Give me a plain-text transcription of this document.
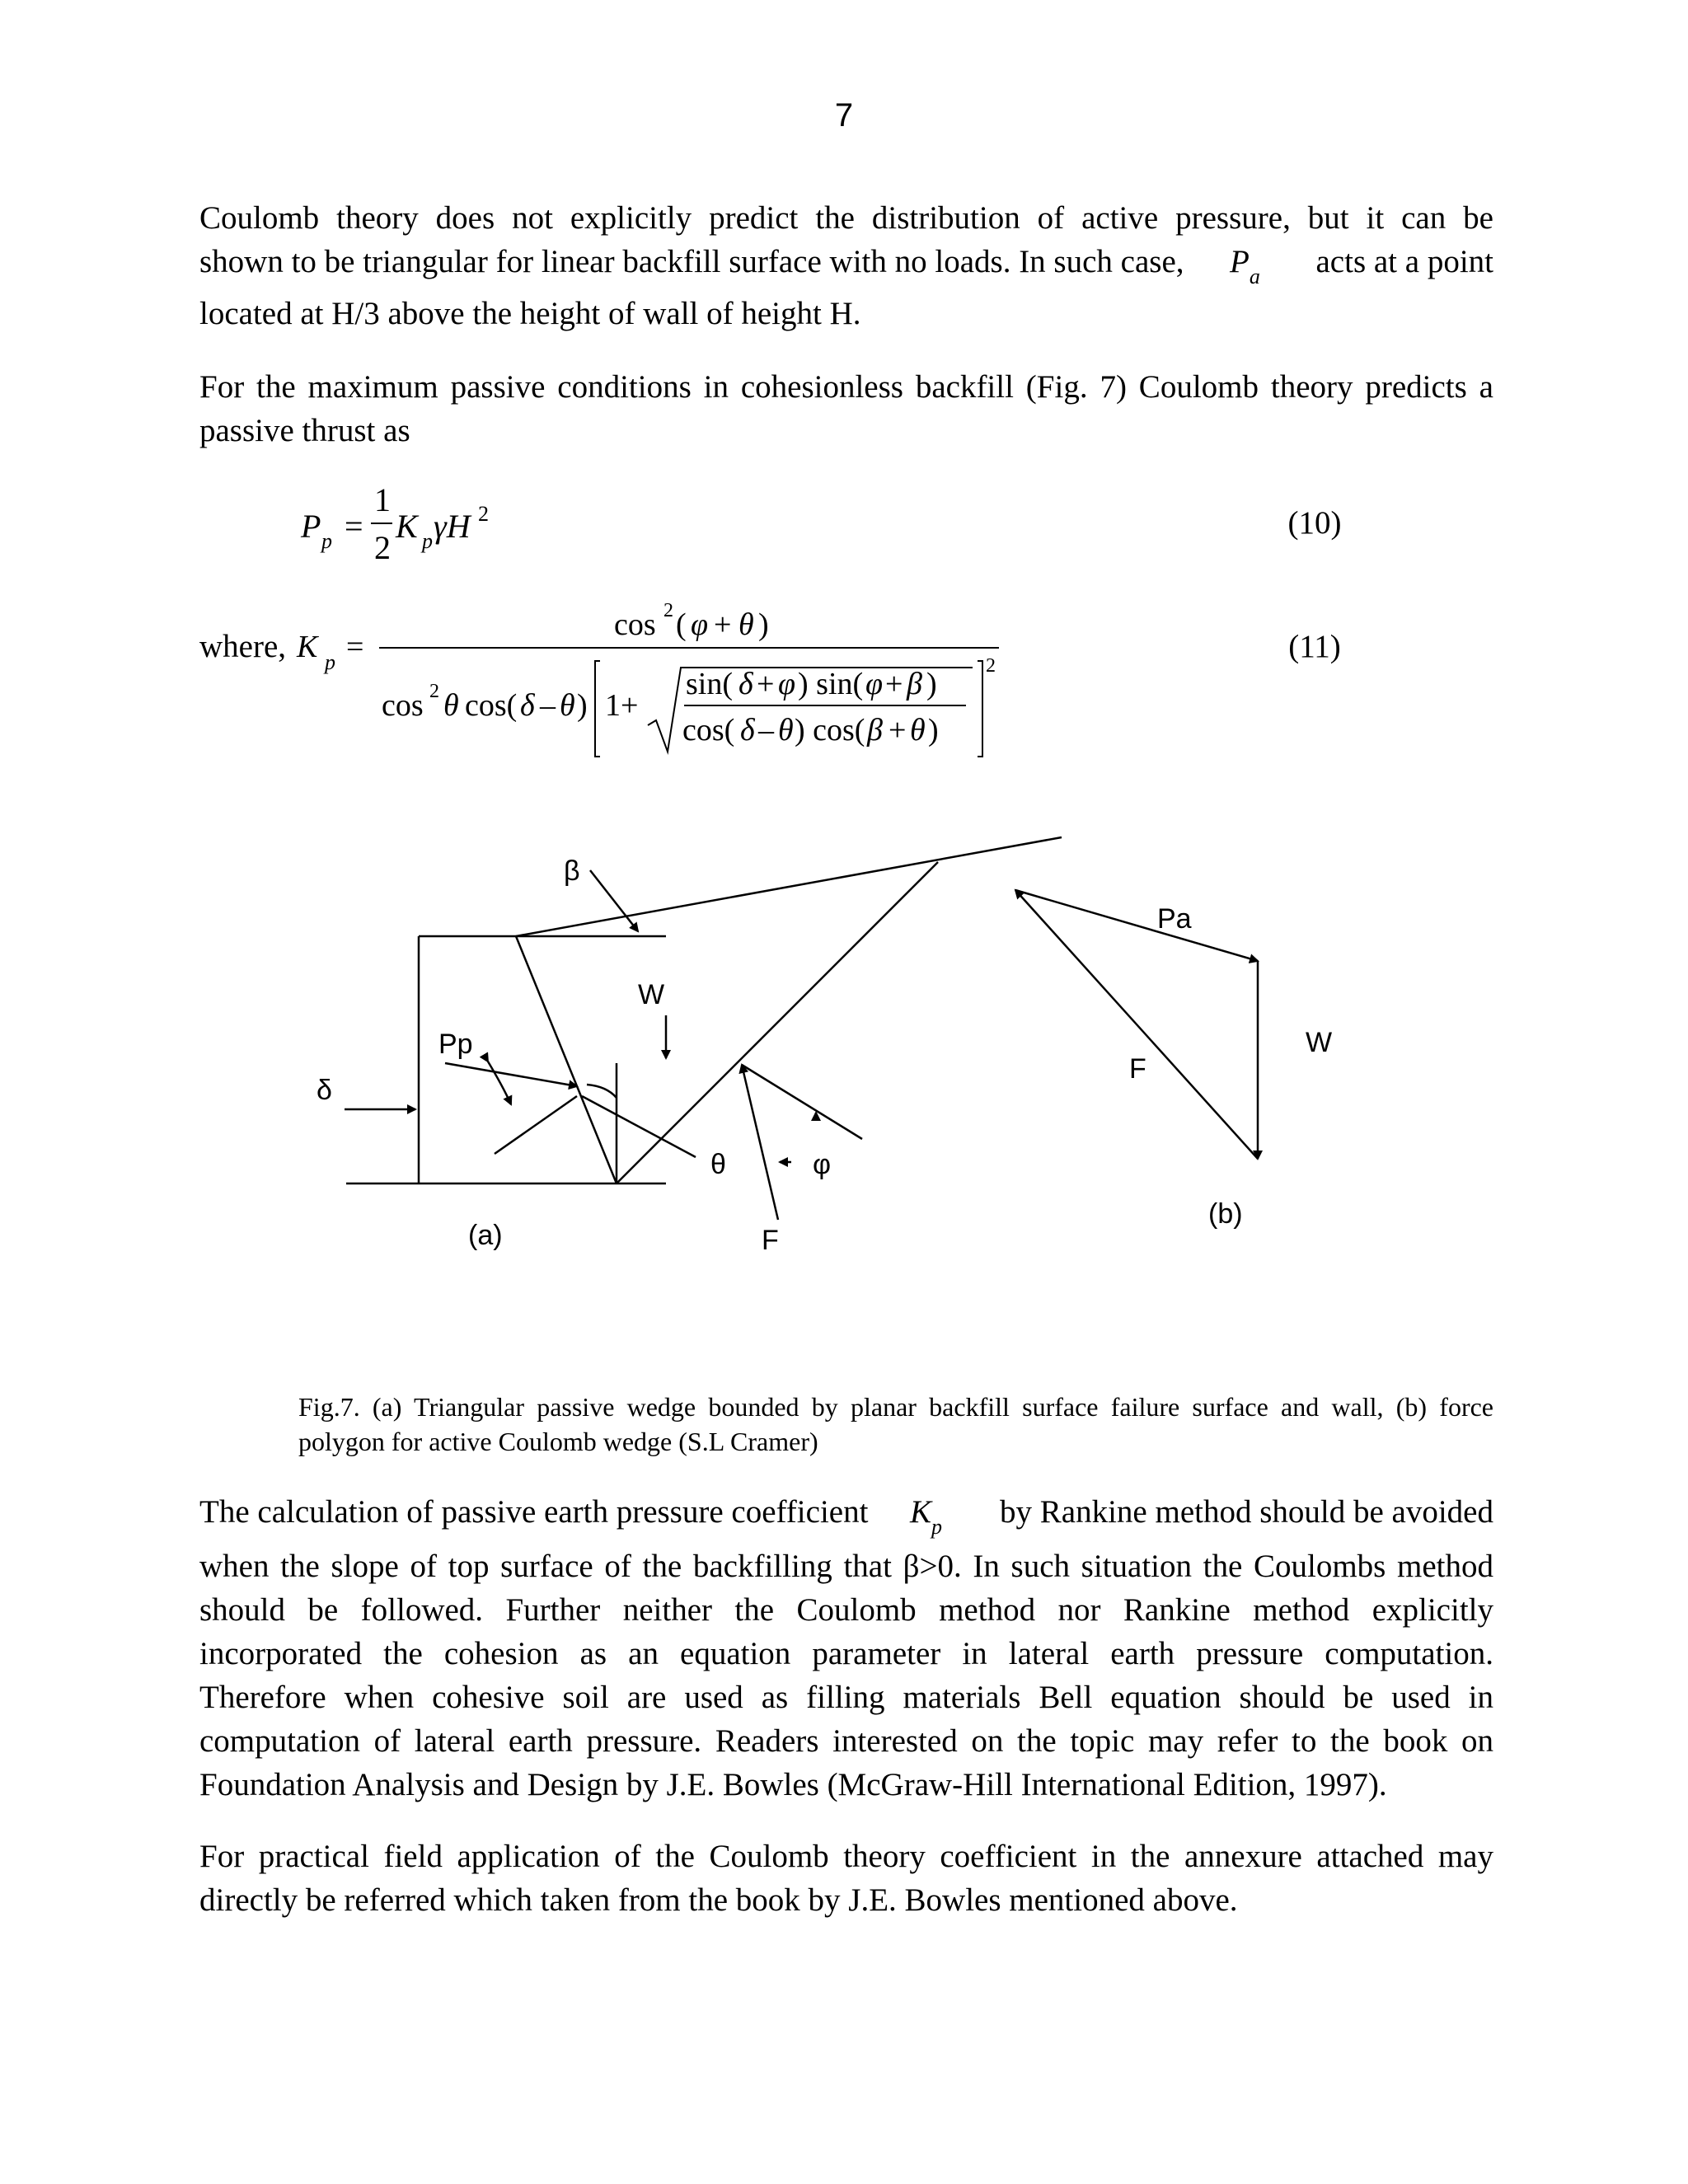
7
Coulomb theory does not explicitly predict the distribution of active pressure, but it can be
shown to be triangular for linear backfill surface with no loads. In such case, $P_a$ acts at a point
located at H/3 above the height of wall of height H.
For the maximum passive conditions in cohesionless backfill (Fig. 7) Coulomb theory predicts a
passive thrust as
P p =
1
2
K p γH 2	(10)
where, K p =
cos 2 ( φ + θ )
cos 2 θ cos( δ – θ )
2
1+
sin( δ + φ ) sin( φ + β )
cos( δ – θ ) cos( β + θ )
(11)
β
W
Pp
δ
θ	φ
F
(a)
Pa
F
W
(b)
Fig.7. (a) Triangular passive wedge bounded by planar backfill surface failure surface and wall, (b) force
polygon for active Coulomb wedge (S.L Cramer)
The calculation of passive earth pressure coefficient $K_p$ by Rankine method should be avoided
when the slope of top surface of the backfilling that β>0. In such situation the Coulombs method
should be followed. Further neither the Coulomb method nor Rankine method explicitly
incorporated the cohesion as an equation parameter in lateral earth pressure computation.
Therefore when cohesive soil are used as filling materials Bell equation should be used in
computation of lateral earth pressure. Readers interested on the topic may refer to the book on
Foundation Analysis and Design by J.E. Bowles (McGraw-Hill International Edition, 1997).
For practical field application of the Coulomb theory coefficient in the annexure attached may
directly be referred which taken from the book by J.E. Bowles mentioned above.
